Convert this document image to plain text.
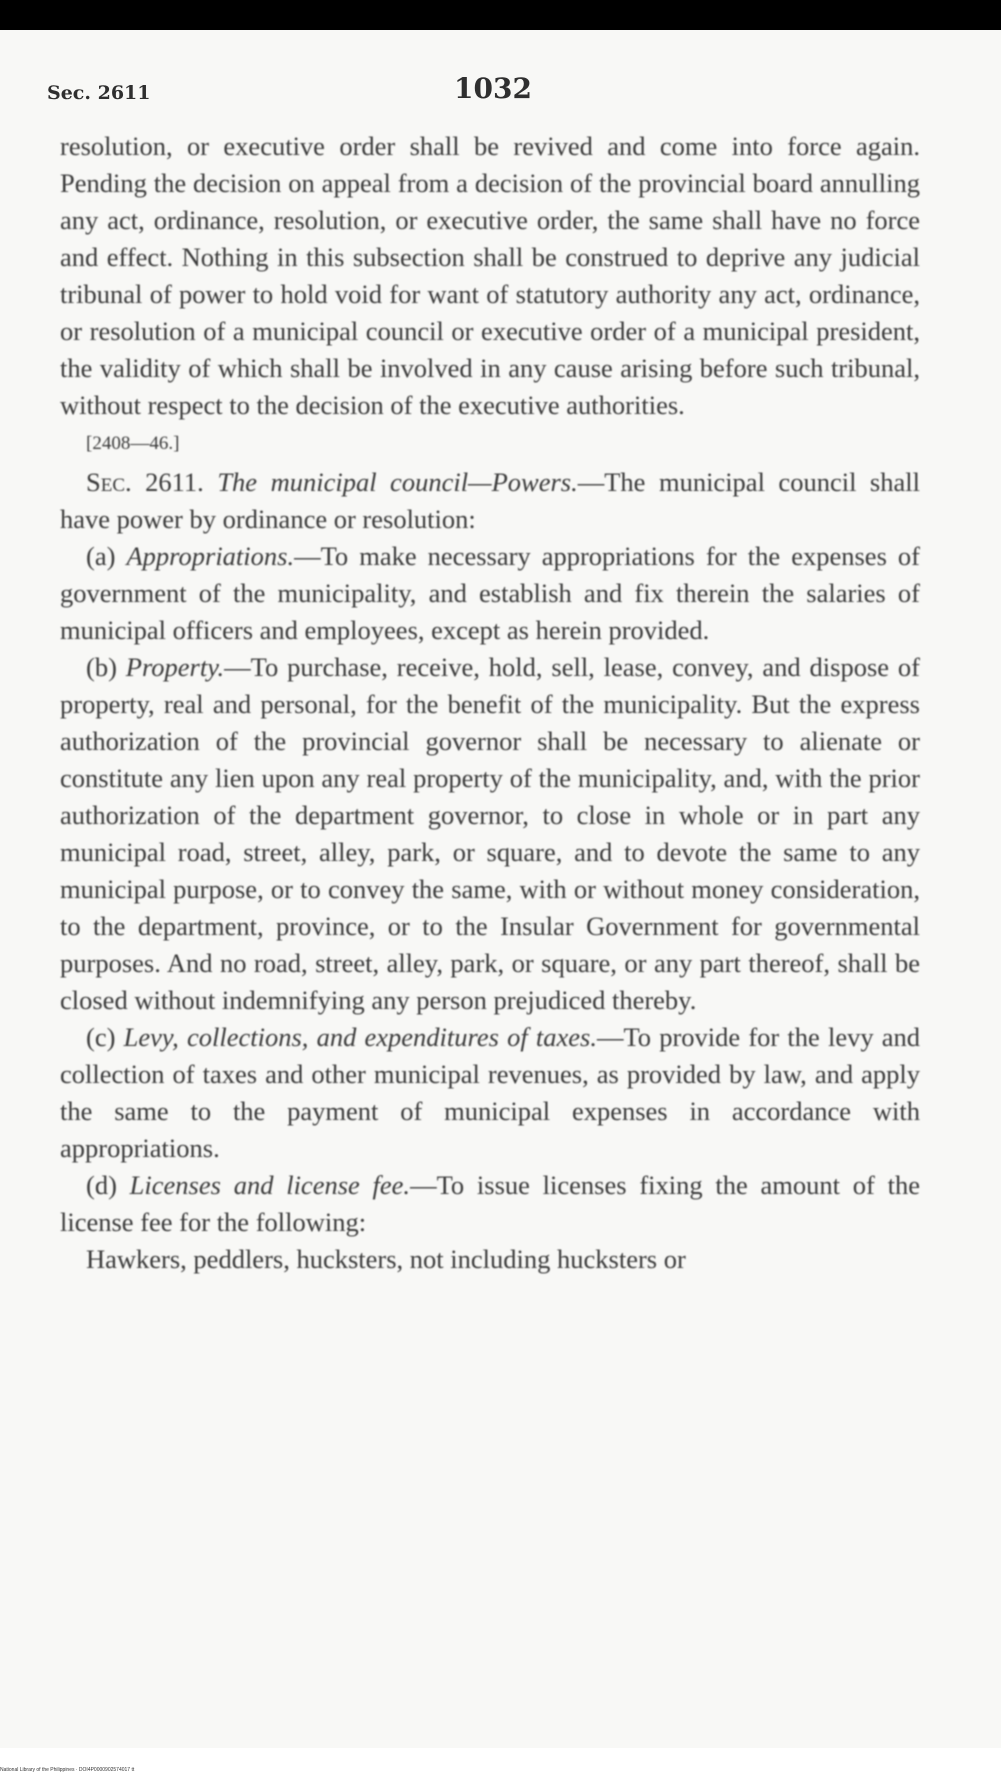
Sec. 2611	1032

resolution, or executive order shall be revived and come into force again. Pending the decision on appeal from a decision of the provincial board annulling any act, ordinance, resolution, or executive order, the same shall have no force and effect. Nothing in this subsection shall be construed to deprive any judicial tribunal of power to hold void for want of statutory authority any act, ordinance, or resolution of a municipal council or executive order of a municipal president, the validity of which shall be involved in any cause arising before such tribunal, without respect to the decision of the executive authorities.

[2408—46.]

Sec. 2611. The municipal council—Powers.—The municipal council shall have power by ordinance or resolution:

(a) Appropriations.—To make necessary appropriations for the expenses of government of the municipality, and establish and fix therein the salaries of municipal officers and employees, except as herein provided.

(b) Property.—To purchase, receive, hold, sell, lease, convey, and dispose of property, real and personal, for the benefit of the municipality. But the express authorization of the provincial governor shall be necessary to alienate or constitute any lien upon any real property of the municipality, and, with the prior authorization of the department governor, to close in whole or in part any municipal road, street, alley, park, or square, and to devote the same to any municipal purpose, or to convey the same, with or without money consideration, to the department, province, or to the Insular Government for governmental purposes. And no road, street, alley, park, or square, or any part thereof, shall be closed without indemnifying any person prejudiced thereby.

(c) Levy, collections, and expenditures of taxes.—To provide for the levy and collection of taxes and other municipal revenues, as provided by law, and apply the same to the payment of municipal expenses in accordance with appropriations.

(d) Licenses and license fee.—To issue licenses fixing the amount of the license fee for the following:

Hawkers, peddlers, hucksters, not including hucksters or

National Library of the Philippines · DOI4P0000902574017 tt
